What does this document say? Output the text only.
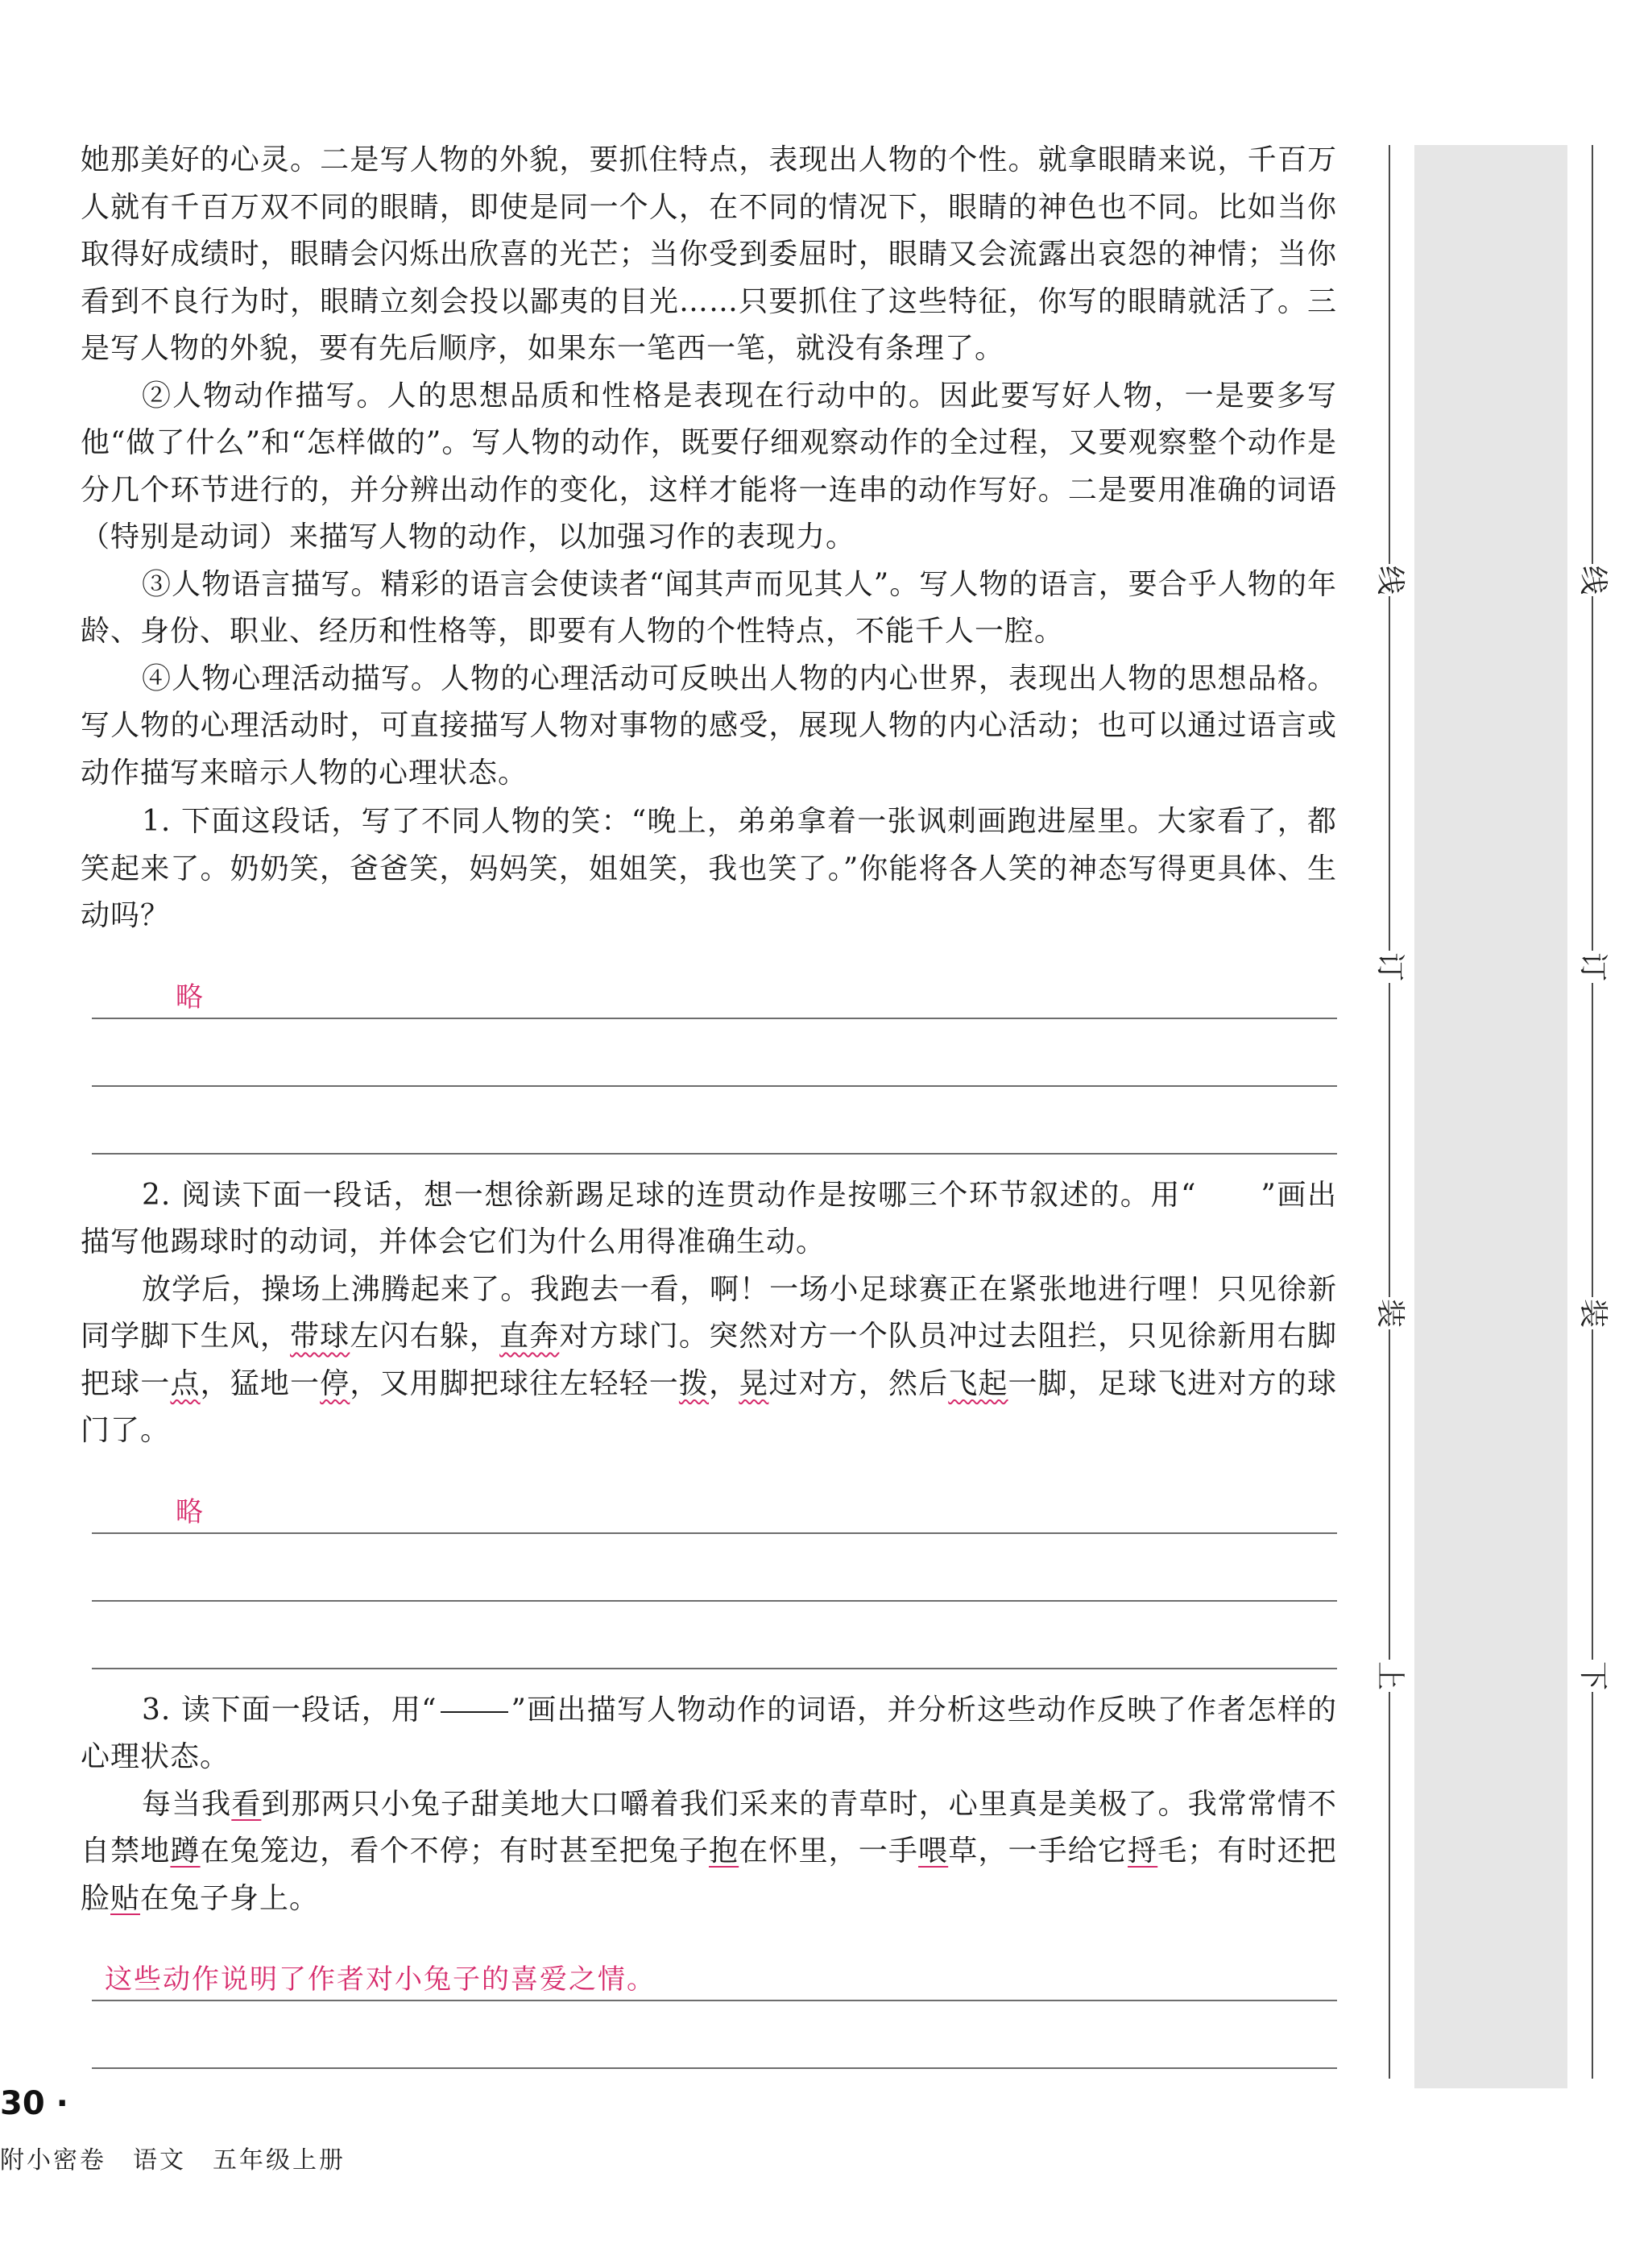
她那美好的心灵。二是写人物的外貌，要抓住特点，表现出人物的个性。就拿眼睛来说，千百万人就有千百万双不同的眼睛，即使是同一个人，在不同的情况下，眼睛的神色也不同。比如当你取得好成绩时，眼睛会闪烁出欣喜的光芒；当你受到委屈时，眼睛又会流露出哀怨的神情；当你看到不良行为时，眼睛立刻会投以鄙夷的目光……只要抓住了这些特征，你写的眼睛就活了。三是写人物的外貌，要有先后顺序，如果东一笔西一笔，就没有条理了。

②人物动作描写。人的思想品质和性格是表现在行动中的。因此要写好人物，一是要多写他“做了什么”和“怎样做的”。写人物的动作，既要仔细观察动作的全过程，又要观察整个动作是分几个环节进行的，并分辨出动作的变化，这样才能将一连串的动作写好。二是要用准确的词语（特别是动词）来描写人物的动作，以加强习作的表现力。

③人物语言描写。精彩的语言会使读者“闻其声而见其人”。写人物的语言，要合乎人物的年龄、身份、职业、经历和性格等，即要有人物的个性特点，不能千人一腔。

④人物心理活动描写。人物的心理活动可反映出人物的内心世界，表现出人物的思想品格。写人物的心理活动时，可直接描写人物对事物的感受，展现人物的内心活动；也可以通过语言或动作描写来暗示人物的心理状态。

1. 下面这段话，写了不同人物的笑：“晚上，弟弟拿着一张讽刺画跑进屋里。大家看了，都笑起来了。奶奶笑，爸爸笑，妈妈笑，姐姐笑，我也笑了。”你能将各人笑的神态写得更具体、生动吗？

略

2. 阅读下面一段话，想一想徐新踢足球的连贯动作是按哪三个环节叙述的。用“ ”画出描写他踢球时的动词，并体会它们为什么用得准确生动。

放学后，操场上沸腾起来了。我跑去一看，啊！一场小足球赛正在紧张地进行哩！只见徐新同学脚下生风，带球左闪右躲，直奔对方球门。突然对方一个队员冲过去阻拦，只见徐新用右脚把球一点，猛地一停，又用脚把球往左轻轻一拨，晃过对方，然后飞起一脚，足球飞进对方的球门了。

略

3. 读下面一段话，用“	”画出描写人物动作的词语，并分析这些动作反映了作者怎样的心理状态。

每当我看到那两只小兔子甜美地大口嚼着我们采来的青草时，心里真是美极了。我常常情不自禁地蹲在兔笼边，看个不停；有时甚至把兔子抱在怀里，一手喂草，一手给它捋毛；有时还把脸贴在兔子身上。

这些动作说明了作者对小兔子的喜爱之情。
线
订
装
上
线
订
装
下
30 ·
附小密卷　语文　五年级上册
